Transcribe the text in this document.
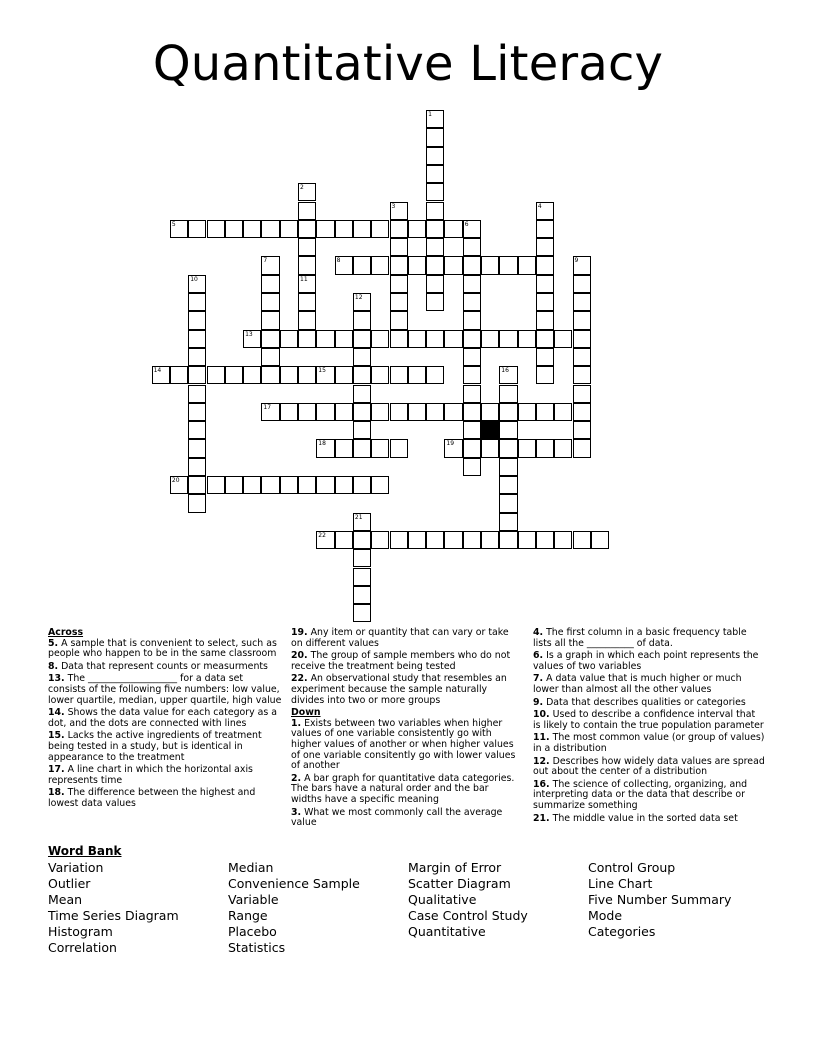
Quantitative Literacy
1
2
11
3	4
5	6
7	8	9
10
12
13
14	15	16
17
18	19
20
21
22
Across
5. A sample that is convenient to select, such as people who happen to be in the same classroom
8. Data that represent counts or measurments
13. The ___________________ for a data set consists of the following five numbers: low value, lower quartile, median, upper quartile, high value
14. Shows the data value for each category as a dot, and the dots are connected with lines
15. Lacks the active ingredients of treatment being tested in a study, but is identical in appearance to the treatment
17. A line chart in which the horizontal axis represents time
18. The difference between the highest and lowest data values
19. Any item or quantity that can vary or take on different values
20. The group of sample members who do not receive the treatment being tested
22. An observational study that resembles an experiment because the sample naturally divides into two or more groups
Down
1. Exists between two variables when higher values of one variable consistently go with higher values of another or when higher values of one variable consitently go with lower values of another
2. A bar graph for quantitative data categories. The bars have a natural order and the bar widths have a specific meaning
3. What we most commonly call the average value
4. The first column in a basic frequency table lists all the __________ of data.
6. Is a graph in which each point represents the values of two variables
7. A data value that is much higher or much lower than almost all the other values
9. Data that describes qualities or categories
10. Used to describe a confidence interval that is likely to contain the true population parameter
11. The most common value (or group of values) in a distribution
12. Describes how widely data values are spread out about the center of a distribution
16. The science of collecting, organizing, and interpreting data or the data that describe or summarize something
21. The middle value in the sorted data set
Word Bank
Variation
Outlier
Mean
Time Series Diagram
Histogram
Correlation
Median
Convenience Sample
Variable
Range
Placebo
Statistics
Margin of Error
Scatter Diagram
Qualitative
Case Control Study
Quantitative
Control Group
Line Chart
Five Number Summary
Mode
Categories
